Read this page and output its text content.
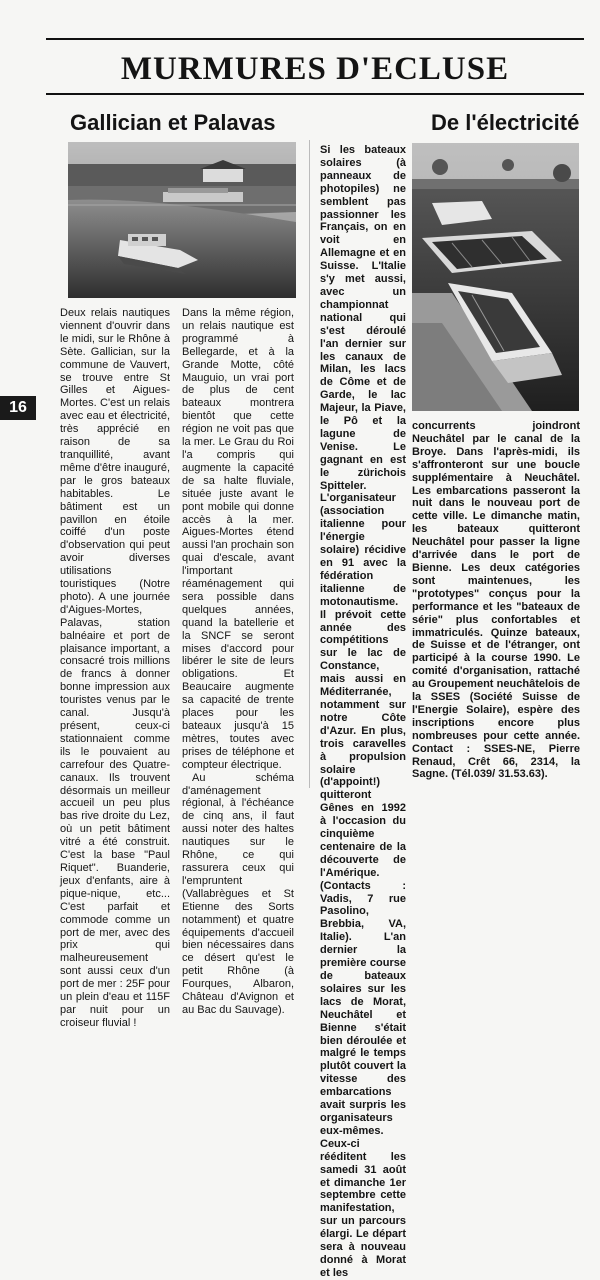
MURMURES D'ECLUSE
Gallician et Palavas	De l'électricité

Deux relais nautiques viennent d'ouvrir dans le midi, sur le Rhône à Sète. Gallician, sur la commune de Vauvert, se trouve entre St Gilles et Aigues-Mortes. C'est un relais avec eau et électricité, très apprécié en raison de sa tranquillité, avant même d'être inauguré, par le gros bateaux habitables. Le bâtiment est un pavillon en étoile coiffé d'un poste d'observation qui peut avoir diverses utilisations touristiques (Notre photo). A une journée d'Aigues-Mortes, Palavas, station balnéaire et port de plaisance important, a consacré trois millions de francs à donner bonne impression aux touristes venus par le canal. Jusqu'à présent, ceux-ci stationnaient comme ils le pouvaient au carrefour des Quatre-canaux. Ils trouvent désormais un meilleur accueil un peu plus bas rive droite du Lez, où un petit bâtiment vitré a été construit. C'est la base "Paul Riquet". Buanderie, jeux d'enfants, aire à pique-nique, etc... C'est parfait et commode comme un port de mer, avec des prix qui malheureusement sont aussi ceux d'un port de mer : 25F pour un plein d'eau et 115F par nuit pour un croiseur fluvial !

Dans la même région, un relais nautique est programmé à Bellegarde, et à la Grande Motte, côté Mauguio, un vrai port de plus de cent bateaux montrera bientôt que cette région ne voit pas que la mer. Le Grau du Roi l'a compris qui augmente la capacité de sa halte fluviale, située juste avant le pont mobile qui donne accès à la mer. Aigues-Mortes étend aussi l'an prochain son quai d'escale, avant l'important réaménagement qui sera possible dans quelques années, quand la batellerie et la SNCF se seront mises d'accord pour libérer le site de leurs obligations. Et Beaucaire augmente sa capacité de trente places pour les bateaux jusqu'à 15 mètres, toutes avec prises de téléphone et compteur électrique.

Au schéma d'aménagement régional, à l'échéance de cinq ans, il faut aussi noter des haltes nautiques sur le Rhône, ce qui rassurera ceux qui l'empruntent (Vallabrègues et St Etienne des Sorts notamment) et quatre équipements d'accueil bien nécessaires dans ce désert qu'est le petit Rhône (à Fourques, Albaron, Château d'Avignon et au Bac du Sauvage).

Si les bateaux solaires (à panneaux de photopiles) ne semblent pas passionner les Français, on en voit en Allemagne et en Suisse. L'Italie s'y met aussi, avec un championnat national qui s'est déroulé l'an dernier sur les canaux de Milan, les lacs de Côme et de Garde, le lac Majeur, la Piave, le Pô et la lagune de Venise. Le gagnant en est le zürichois Spitteler. L'organisateur (association italienne pour l'énergie solaire) récidive en 91 avec la fédération italienne de motonautisme. Il prévoit cette année des compétitions sur le lac de Constance, mais aussi en Méditerranée, notamment sur notre Côte d'Azur. En plus, trois caravelles à propulsion solaire (d'appoint!) quitteront Gênes en 1992 à l'occasion du cinquième centenaire de la découverte de l'Amérique. (Contacts : Vadis, 7 rue Pasolino, Brebbia, VA, Italie). L'an dernier la première course de bateaux solaires sur les lacs de Morat, Neuchâtel et Bienne s'était bien déroulée et malgré le temps plutôt couvert la vitesse des embarcations avait surpris les organisateurs eux-mêmes. Ceux-ci rééditent les samedi 31 août et dimanche 1er septembre cette manifestation, sur un parcours élargi. Le départ sera à nouveau donné à Morat et les

concurrents joindront Neuchâtel par le canal de la Broye. Dans l'après-midi, ils s'affronteront sur une boucle supplémentaire à Neuchâtel. Les embarcations passeront la nuit dans le nouveau port de cette ville. Le dimanche matin, les bateaux quitteront Neuchâtel pour passer la ligne d'arrivée dans le port de Bienne. Les deux catégories sont maintenues, les "prototypes" conçus pour la performance et les "bateaux de série" plus confortables et immatriculés. Quinze bateaux, de Suisse et de l'étranger, ont participé à la course 1990. Le comité d'organisation, rattaché au Groupement neuchâtelois de la SSES (Société Suisse de l'Energie Solaire), espère des inscriptions encore plus nombreuses pour cette année. Contact : SSES-NE, Pierre Renaud, Crêt 66, 2314, la Sagne. (Tél.039/ 31.53.63).

16
